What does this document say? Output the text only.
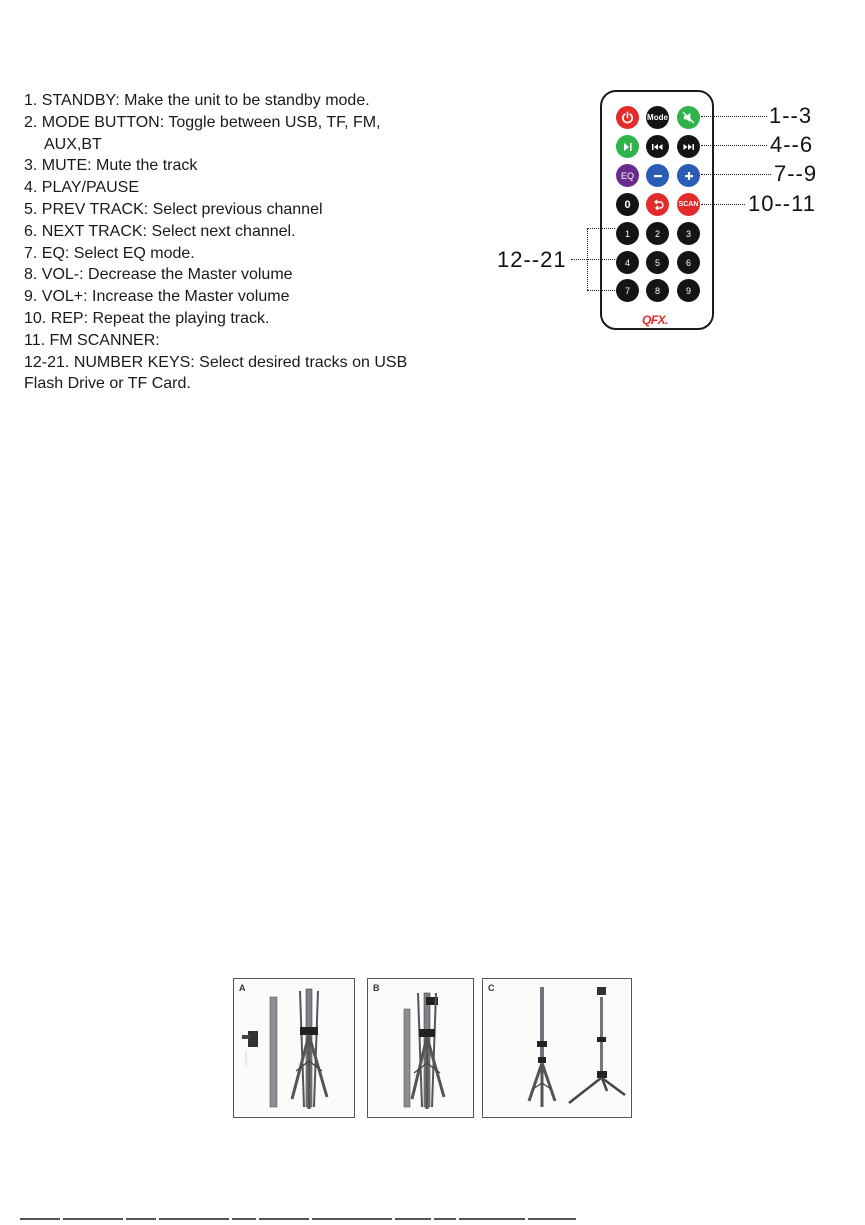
1. STANDBY: Make the unit to be standby mode.
2. MODE BUTTON: Toggle between USB, TF, FM,
AUX,BT
3. MUTE: Mute the track
4. PLAY/PAUSE
5. PREV TRACK: Select previous channel
6. NEXT TRACK: Select next channel.
7. EQ: Select EQ mode.
8. VOL-: Decrease the Master volume
9. VOL+: Increase the Master volume
10. REP: Repeat the playing track.
11. FM SCANNER:
12-21. NUMBER KEYS: Select desired tracks on USB
Flash Drive or TF Card.
Mode
EQ
0	SCAN
1	2	3
4	5	6
7	8	9
QFX.
1--3
4--6
7--9
10--11
12--21
A	B	C
